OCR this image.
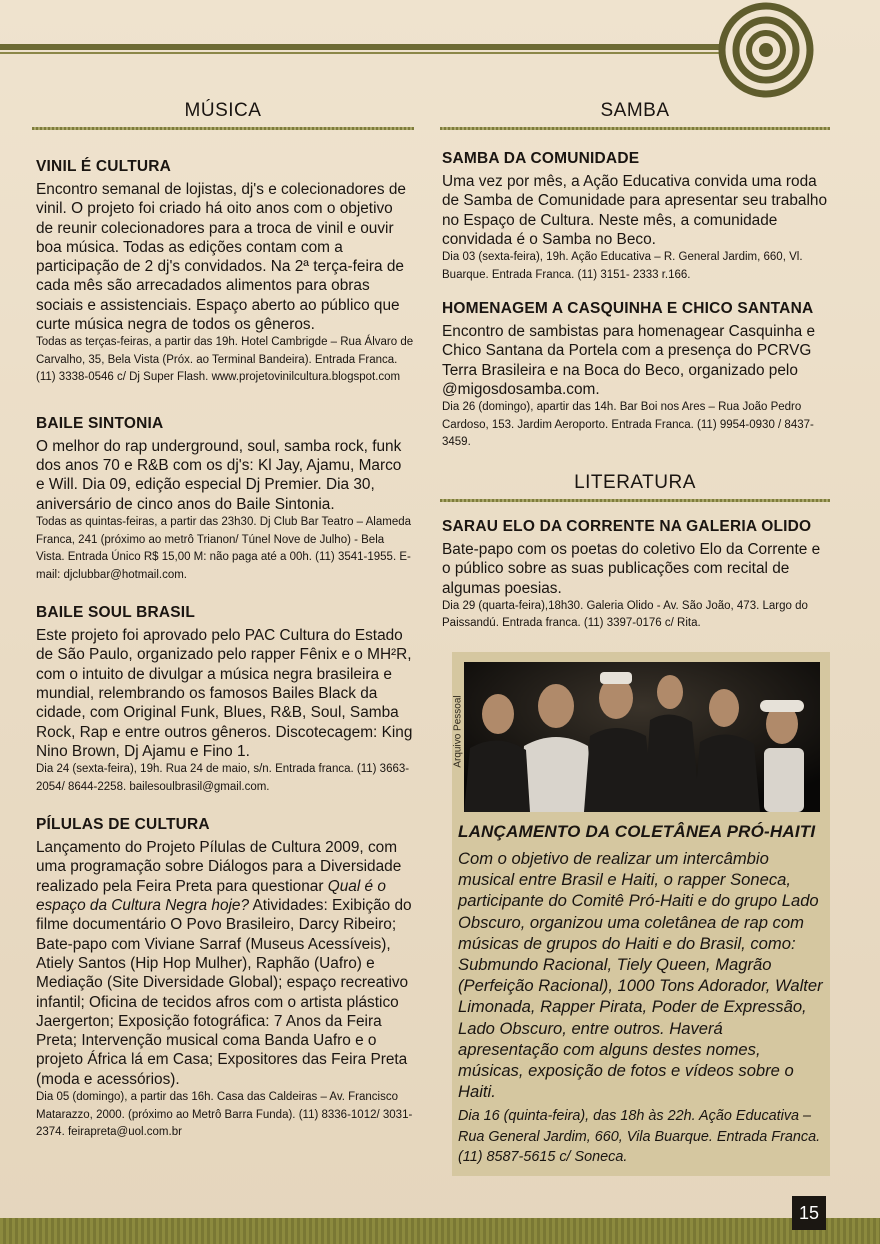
MÚSICA	SAMBA
LITERATURA
VINIL É CULTURA
Encontro semanal de lojistas, dj's e colecionadores de vinil. O projeto foi criado há oito anos com o objetivo de reunir colecionadores para a troca de vinil e ouvir boa música. Todas as edições contam com a participação de 2 dj's convidados. Na 2ª terça-feira de cada mês são arrecadados alimentos para obras sociais e assistenciais. Espaço aberto ao público que curte música negra de todos os gêneros.
Todas as terças-feiras, a partir das 19h. Hotel Cambrigde – Rua Álvaro de Carvalho, 35, Bela Vista (Próx. ao Terminal Bandeira). Entrada Franca. (11) 3338-0546 c/ Dj Super Flash. www.projetovinilcultura.blogspot.com
BAILE SINTONIA
O melhor do rap underground, soul, samba rock, funk dos anos 70 e R&B com os dj's: Kl Jay, Ajamu, Marco e Will. Dia 09, edição especial Dj Premier. Dia 30, aniversário de cinco anos do Baile Sintonia.
Todas as quintas-feiras, a partir das 23h30. Dj Club Bar Teatro – Alameda Franca, 241 (próximo ao metrô Trianon/ Túnel Nove de Julho) - Bela Vista. Entrada Único R$ 15,00 M: não paga até a 00h. (11) 3541-1955. E-mail: djclubbar@hotmail.com.
BAILE SOUL BRASIL
Este projeto foi aprovado pelo PAC Cultura do Estado de São Paulo, organizado pelo rapper Fênix e o MH²R, com o intuito de divulgar a música negra brasileira e mundial, relembrando os famosos Bailes Black da cidade, com Original Funk, Blues, R&B, Soul, Samba Rock, Rap e entre outros gêneros. Discotecagem: King Nino Brown, Dj Ajamu e Fino 1.
Dia 24 (sexta-feira), 19h. Rua 24 de maio, s/n. Entrada franca. (11) 3663-2054/ 8644-2258. bailesoulbrasil@gmail.com.
PÍLULAS DE CULTURA
Lançamento do Projeto Pílulas de Cultura 2009, com uma programação sobre Diálogos para a Diversidade realizado pela Feira Preta para questionar Qual é o espaço da Cultura Negra hoje? Atividades: Exibição do filme documentário O Povo Brasileiro, Darcy Ribeiro; Bate-papo com Viviane Sarraf (Museus Acessíveis), Atiely Santos (Hip Hop Mulher), Raphão (Uafro) e Mediação (Site Diversidade Global); espaço recreativo infantil; Oficina de tecidos afros com o artista plástico Jaergerton; Exposição fotográfica: 7 Anos da Feira Preta; Intervenção musical coma Banda Uafro e o projeto África lá em Casa; Expositores das Feira Preta (moda e acessórios).
Dia 05 (domingo), a partir das 16h. Casa das Caldeiras – Av. Francisco Matarazzo, 2000. (próximo ao Metrô Barra Funda). (11) 8336-1012/ 3031-2374. feirapreta@uol.com.br
SAMBA DA COMUNIDADE
Uma vez por mês, a Ação Educativa convida uma roda de Samba de Comunidade para apresentar seu trabalho no Espaço de Cultura. Neste mês, a comunidade convidada é o Samba no Beco.
Dia 03 (sexta-feira), 19h. Ação Educativa – R. General Jardim, 660, Vl. Buarque. Entrada Franca. (11) 3151- 2333 r.166.
HOMENAGEM A CASQUINHA E CHICO SANTANA
Encontro de sambistas para homenagear Casquinha e Chico Santana da Portela com a presença do PCRVG Terra Brasileira e na Boca do Beco, organizado pelo @migosdosamba.com.
Dia 26 (domingo), apartir das 14h. Bar Boi nos Ares – Rua João Pedro Cardoso, 153. Jardim Aeroporto. Entrada Franca. (11) 9954-0930 / 8437-3459.
SARAU ELO DA CORRENTE NA GALERIA OLIDO
Bate-papo com os poetas do coletivo Elo da Corrente e o público sobre as suas publicações com recital de algumas poesias.
Dia 29 (quarta-feira),18h30. Galeria Olido - Av. São João, 473. Largo do Paissandú. Entrada franca. (11) 3397-0176 c/ Rita.
Arquivo Pessoal
LANÇAMENTO DA COLETÂNEA PRÓ-HAITI
Com o objetivo de realizar um intercâmbio musical entre Brasil e Haiti, o rapper Soneca, participante do Comitê Pró-Haiti e do grupo Lado Obscuro, organizou uma coletânea de rap com músicas de grupos do Haiti e do Brasil, como: Submundo Racional, Tiely Queen, Magrão (Perfeição Racional), 1000 Tons Adorador, Walter Limonada, Rapper Pirata, Poder de Expressão, Lado Obscuro, entre outros. Haverá apresentação com alguns destes nomes, músicas, exposição de fotos e vídeos sobre o Haiti.
Dia 16 (quinta-feira), das 18h às 22h. Ação Educativa – Rua General Jardim, 660, Vila Buarque. Entrada Franca. (11) 8587-5615 c/ Soneca.
15
